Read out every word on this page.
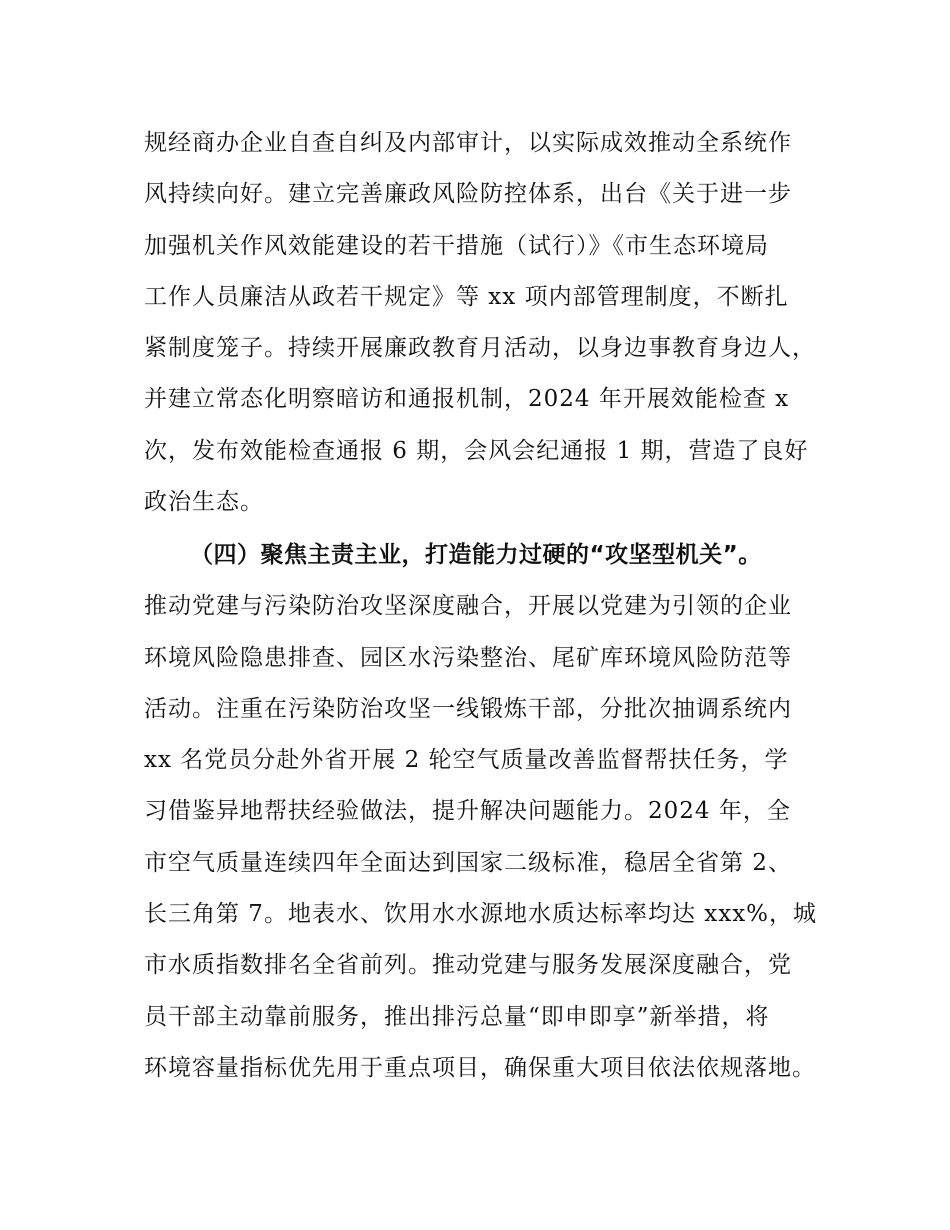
规经商办企业自查自纠及内部审计，以实际成效推动全系统作
风持续向好。建立完善廉政风险防控体系，出台《关于进一步
加强机关作风效能建设的若干措施（试行）》《市生态环境局
工作人员廉洁从政若干规定》等 xx 项内部管理制度，不断扎
紧制度笼子。持续开展廉政教育月活动，以身边事教育身边人，
并建立常态化明察暗访和通报机制，2024 年开展效能检查 x
次，发布效能检查通报 6 期，会风会纪通报 1 期，营造了良好
政治生态。
（四）聚焦主责主业，打造能力过硬的“攻坚型机关”。
推动党建与污染防治攻坚深度融合，开展以党建为引领的企业
环境风险隐患排查、园区水污染整治、尾矿库环境风险防范等
活动。注重在污染防治攻坚一线锻炼干部，分批次抽调系统内
xx 名党员分赴外省开展 2 轮空气质量改善监督帮扶任务，学
习借鉴异地帮扶经验做法，提升解决问题能力。2024 年，全
市空气质量连续四年全面达到国家二级标准，稳居全省第 2、
长三角第 7。地表水、饮用水水源地水质达标率均达 xxx%，城
市水质指数排名全省前列。推动党建与服务发展深度融合，党
员干部主动靠前服务，推出排污总量“即申即享”新举措，将
环境容量指标优先用于重点项目，确保重大项目依法依规落地。
